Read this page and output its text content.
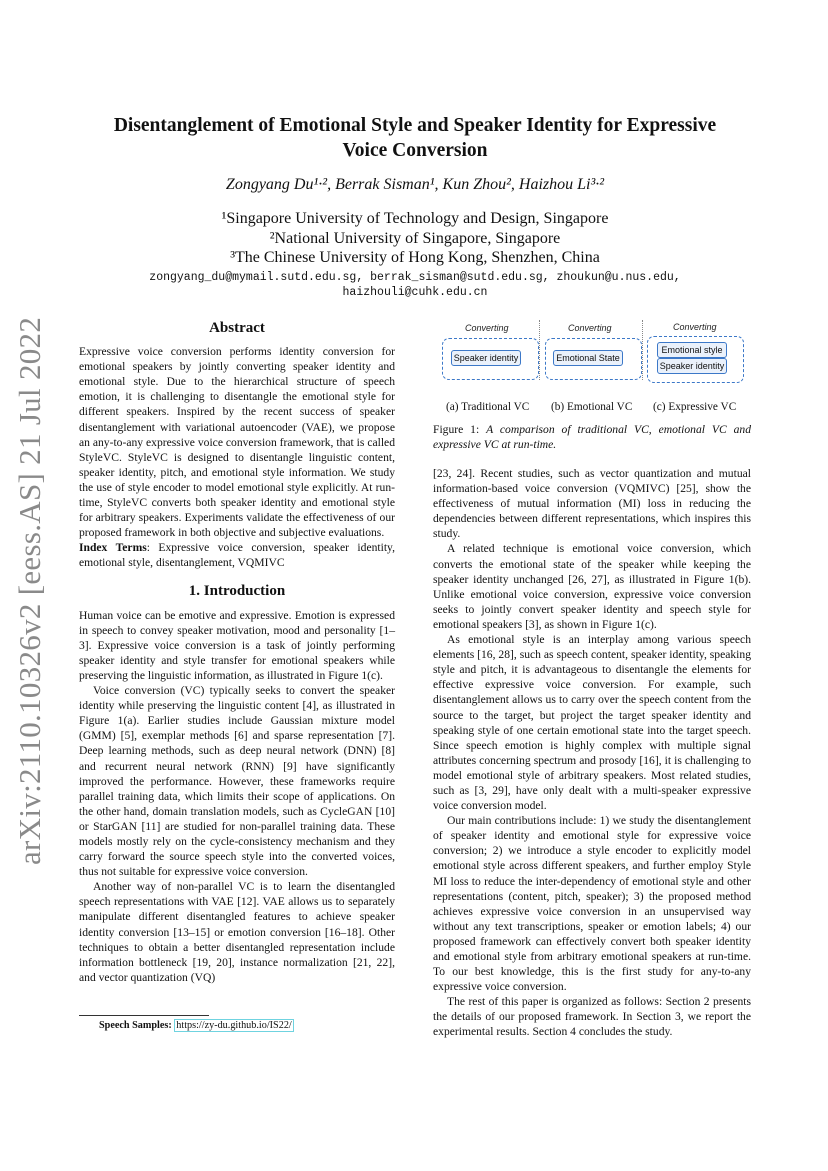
arXiv:2110.10326v2 [eess.AS] 21 Jul 2022
Disentanglement of Emotional Style and Speaker Identity for Expressive
Voice Conversion
Zongyang Du¹·², Berrak Sisman¹, Kun Zhou², Haizhou Li³·²
¹Singapore University of Technology and Design, Singapore
²National University of Singapore, Singapore
³The Chinese University of Hong Kong, Shenzhen, China
zongyang_du@mymail.sutd.edu.sg, berrak_sisman@sutd.edu.sg, zhoukun@u.nus.edu,
haizhouli@cuhk.edu.cn
Abstract

Expressive voice conversion performs identity conversion for emotional speakers by jointly converting speaker identity and emotional style. Due to the hierarchical structure of speech emotion, it is challenging to disentangle the emotional style for different speakers. Inspired by the recent success of speaker disentanglement with variational autoencoder (VAE), we propose an any-to-any expressive voice conversion framework, that is called StyleVC. StyleVC is designed to disentangle linguistic content, speaker identity, pitch, and emotional style information. We study the use of style encoder to model emotional style explicitly. At run-time, StyleVC converts both speaker identity and emotional style for arbitrary speakers. Experiments validate the effectiveness of our proposed framework in both objective and subjective evaluations.

Index Terms: Expressive voice conversion, speaker identity, emotional style, disentanglement, VQMIVC

1. Introduction

Human voice can be emotive and expressive. Emotion is expressed in speech to convey speaker motivation, mood and personality [1–3]. Expressive voice conversion is a task of jointly performing speaker identity and style transfer for emotional speakers while preserving the linguistic information, as illustrated in Figure 1(c).

Voice conversion (VC) typically seeks to convert the speaker identity while preserving the linguistic content [4], as illustrated in Figure 1(a). Earlier studies include Gaussian mixture model (GMM) [5], exemplar methods [6] and sparse representation [7]. Deep learning methods, such as deep neural network (DNN) [8] and recurrent neural network (RNN) [9] have significantly improved the performance. However, these frameworks require parallel training data, which limits their scope of applications. On the other hand, domain translation models, such as CycleGAN [10] or StarGAN [11] are studied for non-parallel training data. These models mostly rely on the cycle-consistency mechanism and they carry forward the source speech style into the converted voices, thus not suitable for expressive voice conversion.

Another way of non-parallel VC is to learn the disentangled speech representations with VAE [12]. VAE allows us to separately manipulate different disentangled features to achieve speaker identity conversion [13–15] or emotion conversion [16–18]. Other techniques to obtain a better disentangled representation include information bottleneck [19, 20], instance normalization [21, 22], and vector quantization (VQ)

Speech Samples: https://zy-du.github.io/IS22/
Converting
Speaker identity
Converting
Emotional State
Converting
Emotional style
Speaker identity
(a) Traditional VC (b) Emotional VC (c) Expressive VC
Figure 1: A comparison of traditional VC, emotional VC and expressive VC at run-time.

[23, 24]. Recent studies, such as vector quantization and mutual information-based voice conversion (VQMIVC) [25], show the effectiveness of mutual information (MI) loss in reducing the dependencies between different representations, which inspires this study.

A related technique is emotional voice conversion, which converts the emotional state of the speaker while keeping the speaker identity unchanged [26, 27], as illustrated in Figure 1(b). Unlike emotional voice conversion, expressive voice conversion seeks to jointly convert speaker identity and speech style for emotional speakers [3], as shown in Figure 1(c).

As emotional style is an interplay among various speech elements [16, 28], such as speech content, speaker identity, speaking style and pitch, it is advantageous to disentangle the elements for effective expressive voice conversion. For example, such disentanglement allows us to carry over the speech content from the source to the target, but project the target speaker identity and speaking style of one certain emotional state into the target speech. Since speech emotion is highly complex with multiple signal attributes concerning spectrum and prosody [16], it is challenging to model emotional style of arbitrary speakers. Most related studies, such as [3, 29], have only dealt with a multi-speaker expressive voice conversion model.

Our main contributions include: 1) we study the disentanglement of speaker identity and emotional style for expressive voice conversion; 2) we introduce a style encoder to explicitly model emotional style across different speakers, and further employ Style MI loss to reduce the inter-dependency of emotional style and other representations (content, pitch, speaker); 3) the proposed method achieves expressive voice conversion in an unsupervised way without any text transcriptions, speaker or emotion labels; 4) our proposed framework can effectively convert both speaker identity and emotional style from arbitrary emotional speakers at run-time. To our best knowledge, this is the first study for any-to-any expressive voice conversion.

The rest of this paper is organized as follows: Section 2 presents the details of our proposed framework. In Section 3, we report the experimental results. Section 4 concludes the study.
